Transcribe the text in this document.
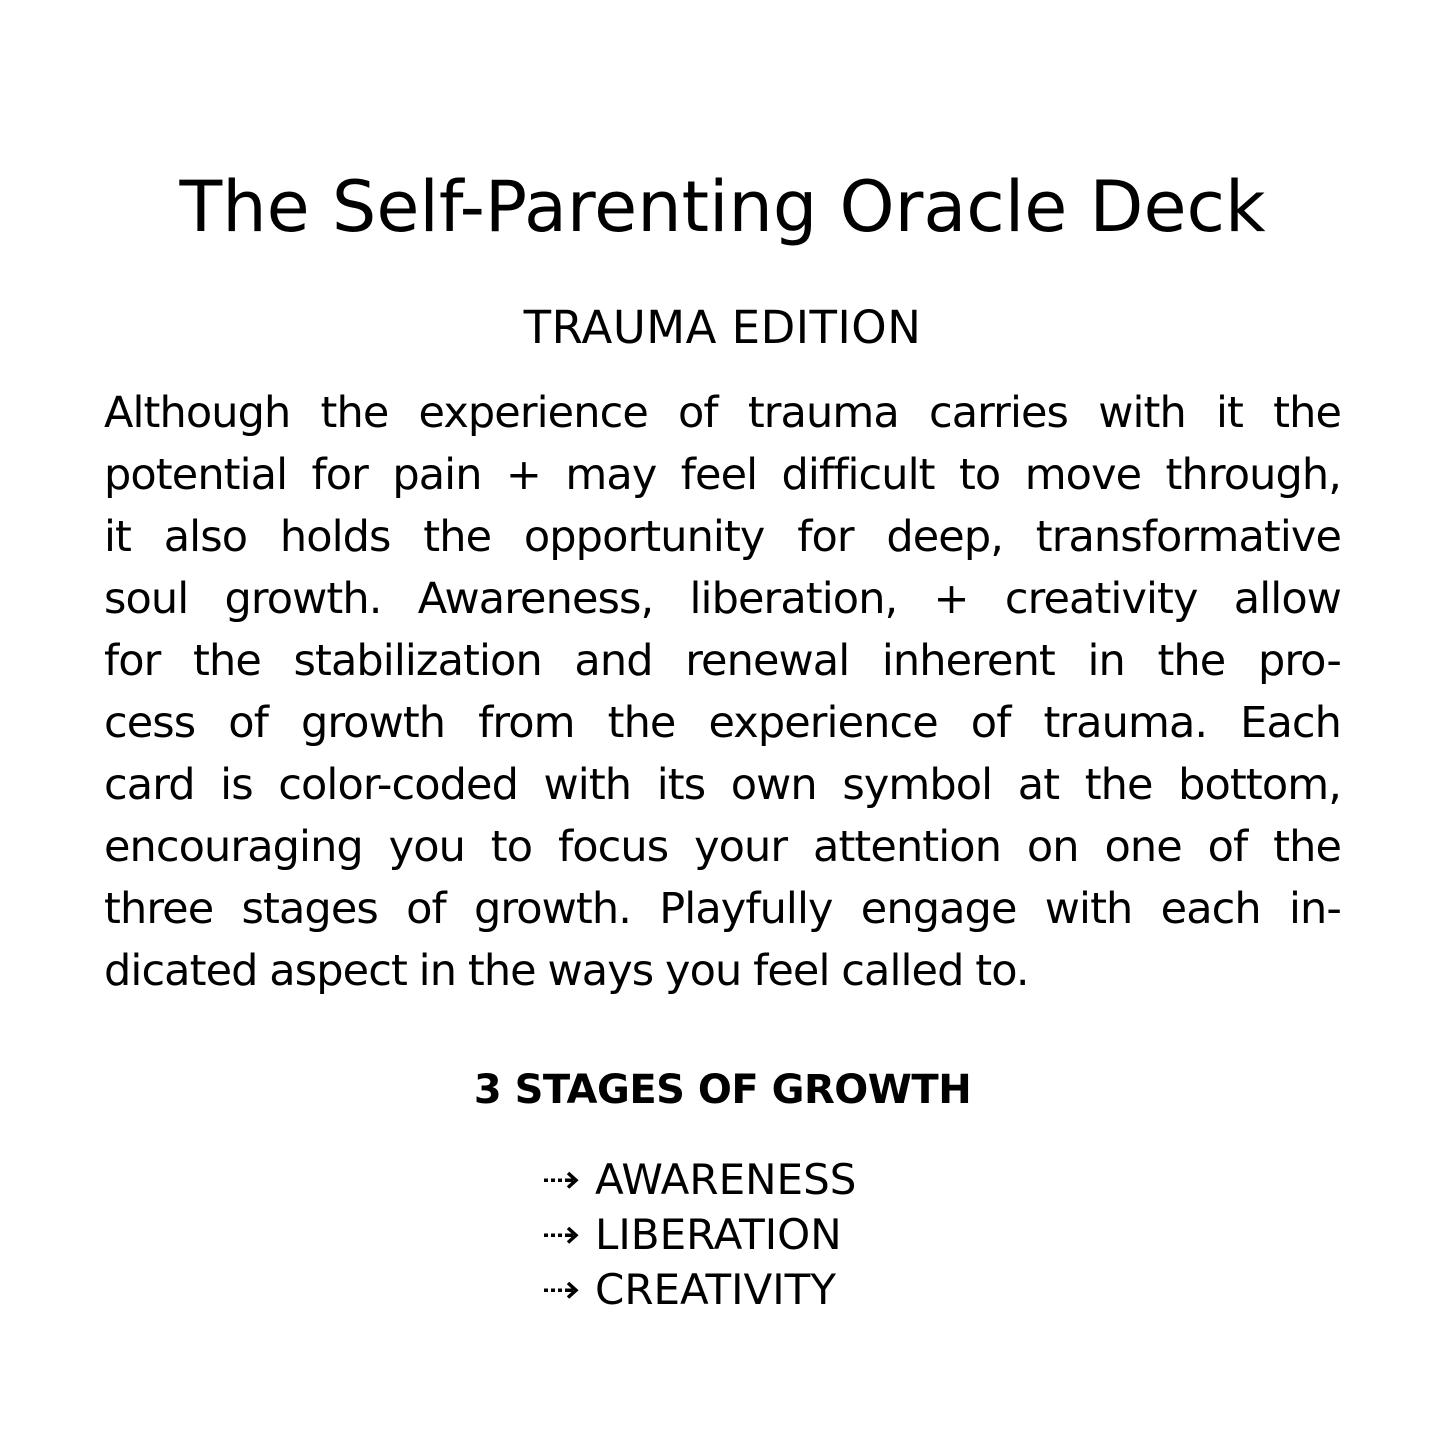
The Self-Parenting Oracle Deck
TRAUMA EDITION
Although the experience of trauma carries with it the
potential for pain + may feel difficult to move through,
it also holds the opportunity for deep, transformative
soul growth. Awareness, liberation, + creativity allow
for the stabilization and renewal inherent in the pro-
cess of growth from the experience of trauma. Each
card is color-coded with its own symbol at the bottom,
encouraging you to focus your attention on one of the
three stages of growth. Playfully engage with each in-
dicated aspect in the ways you feel called to.
3 STAGES OF GROWTH
AWARENESS
LIBERATION
CREATIVITY
